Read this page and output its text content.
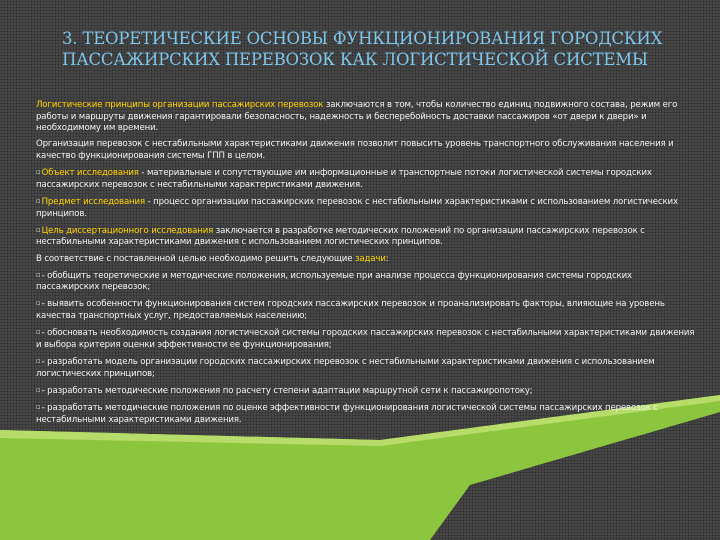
3. ТЕОРЕТИЧЕСКИЕ ОСНОВЫ ФУНКЦИОНИРОВАНИЯ ГОРОДСКИХ ПАССАЖИРСКИХ ПЕРЕВОЗОК КАК ЛОГИСТИЧЕСКОЙ СИСТЕМЫ

Логистические принципы организации пассажирских перевозок заключаются в том, чтобы количество единиц подвижного состава, режим его работы и маршруты движения гарантировали безопасность, надежность и бесперебойность доставки пассажиров «от двери к двери» и необходимому им времени.

Организация перевозок с нестабильными характеристиками движения позволит повысить уровень транспортного обслуживания населения и качество функционирования системы ГПП в целом.

▫Объект исследования - материальные и сопутствующие им информационные и транспортные потоки логистической системы городских пассажирских перевозок с нестабильными характеристиками движения.

▫Предмет исследования - процесс организации пассажирских перевозок с нестабильными характеристиками с использованием логистических принципов.

▫Цель диссертационного исследования заключается в разработке методических положений по организации пассажирских перевозок с нестабильными характеристиками движения с использованием логистических принципов.

В соответствие с поставленной целью необходимо решить следующие задачи:

▫- обобщить теоретические и методические положения, используемые при анализе процесса функционирования системы городских пассажирских перевозок;

▫- выявить особенности функционирования систем городских пассажирских перевозок и проанализировать факторы, влияющие на уровень качества транспортных услуг, предоставляемых населению;

▫- обосновать необходимость создания логистической системы городских пассажирских перевозок с нестабильными характеристиками движения и выбора критерия оценки эффективности ее функционирования;

▫- разработать модель организации городских пассажирских перевозок с нестабильными характеристиками движения с использованием логистических принципов;

▫- разработать методические положения по расчету степени адаптации маршрутной сети к пассажиропотоку;

▫- разработать методические положения по оценке эффективности функционирования логистической системы пассажирских перевозок с нестабильными характеристиками движения.
